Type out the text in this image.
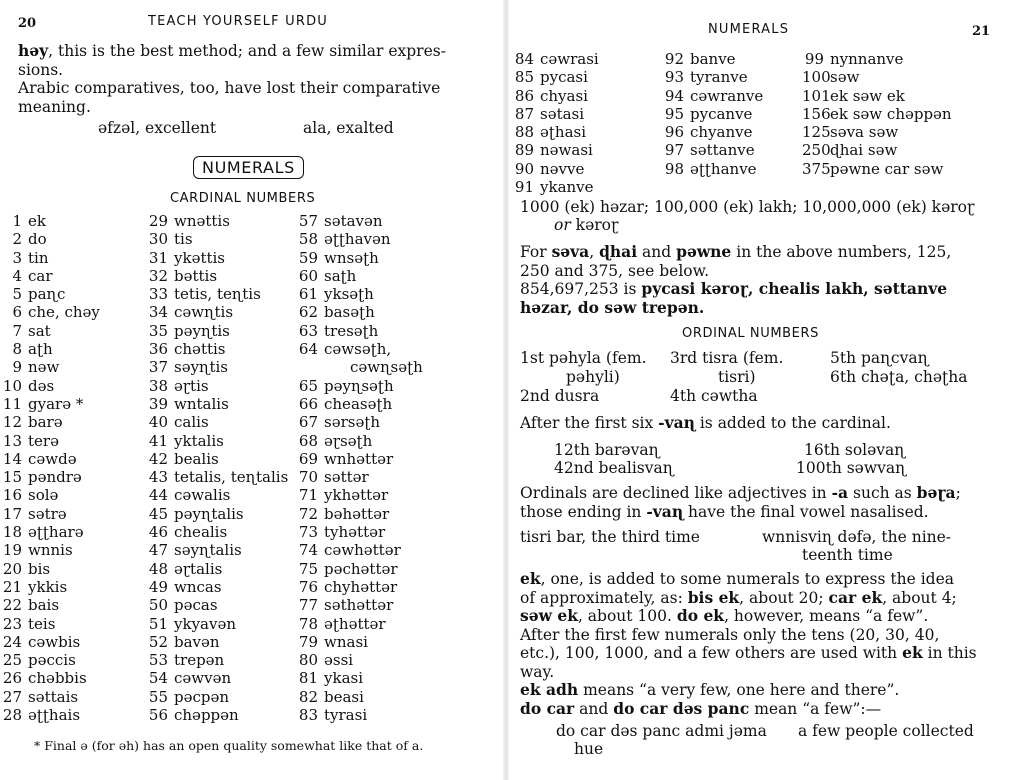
20	TEACH YOURSELF URDU
həy, this is the best method; and a few similar expres-
sions.
Arabic comparatives, too, have lost their comparative
meaning.
əfzəl, excellent	ala, exalted
NUMERALS
CARDINAL NUMBERS
1 ek
2 do
3 tin
4 car
5 paɳc
6 che, chəy
7 sat
8 aʈh
9 nəw
10 dəs
11 gyarə *
12 barə
13 terə
14 cəwdə
15 pəndrə
16 solə
17 sətrə
18 əʈʈharə
19 wnnis
20 bis
21 ykkis
22 bais
23 teis
24 cəwbis
25 pəccis
26 chəbbis
27 səttais
28 əʈʈhais
29 wnəttis
30 tis
31 ykəttis
32 bəttis
33 tetis, teɳtis
34 cəwɳtis
35 pəyɳtis
36 chəttis
37 səyɳtis
38 əɽtis
39 wntalis
40 calis
41 yktalis
42 bealis
43 tetalis, teɳtalis
44 cəwalis
45 pəyɳtalis
46 chealis
47 səyɳtalis
48 əɽtalis
49 wncas
50 pəcas
51 ykyavən
52 bavən
53 trepən
54 cəwvən
55 pəcpən
56 chəppən
57 sətavən
58 əʈʈhavən
59 wnsəʈh
60 saʈh
61 yksəʈh
62 basəʈh
63 tresəʈh
64 cəwsəʈh,
cəwɳsəʈh
65 pəyɳsəʈh
66 cheasəʈh
67 sərsəʈh
68 əɽsəʈh
69 wnhəttər
70 səttər
71 ykhəttər
72 bəhəttər
73 tyhəttər
74 cəwhəttər
75 pəchəttər
76 chyhəttər
77 səthəttər
78 əʈhəttər
79 wnasi
80 əssi
81 ykasi
82 beasi
83 tyrasi
* Final ə (for əh) has an open quality somewhat like that of a.
NUMERALS	21
84 cəwrasi
85 pycasi
86 chyasi
87 sətasi
88 əʈhasi
89 nəwasi
90 nəvve
91 ykanve
92 banve
93 tyranve
94 cəwranve
95 pycanve
96 chyanve
97 səttanve
98 əʈʈhanve
99 nynnanve
100səw
101ek səw ek
156ek səw chəppən
125səva səw
250ɖhai səw
375pəwne car səw
1000 (ek) həzar; 100,000 (ek) lakh; 10,000,000 (ek) kəroɽ
or kəroɽ
For səva, ɖhai and pəwne in the above numbers, 125,
250 and 375, see below.
854,697,253 is pycasi kəroɽ, chealis lakh, səttanve
həzar, do səw trepən.
ORDINAL NUMBERS
1st pəhyla (fem.
pəhyli)
2nd dusra
3rd tisra (fem.
tisri)
4th cəwtha
5th paɳcvaɳ
6th chəʈa, chəʈha
After the first six -vaɳ is added to the cardinal.
12th barəvaɳ	16th soləvaɳ
42nd bealisvaɳ	100th səwvaɳ
Ordinals are declined like adjectives in -a such as bəɽa;
those ending in -vaɳ have the final vowel nasalised.
tisri bar, the third time	wnnisviɳ dəfə, the nine-
teenth time
ek, one, is added to some numerals to express the idea
of approximately, as: bis ek, about 20; car ek, about 4;
səw ek, about 100. do ek, however, means “a few”.
After the first few numerals only the tens (20, 30, 40,
etc.), 100, 1000, and a few others are used with ek in this
way.
ek adh means “a very few, one here and there”.
do car and do car dəs panc mean “a few”:—
do car dəs panc admi jəma
hue
a few people collected
